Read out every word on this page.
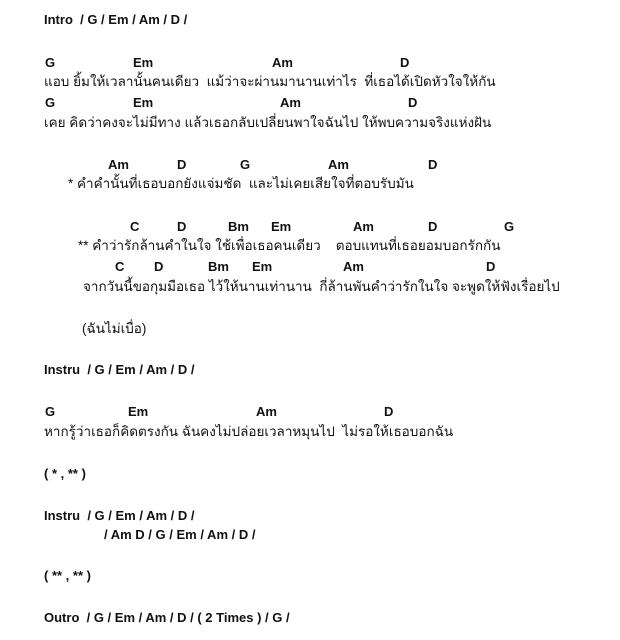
Intro  / G / Em / Am / D /
G	Em	Am	D
แอบ ยิ้มให้เวลานั้นคนเดียว  แม้ว่าจะผ่านมานานเท่าไร  ที่เธอได้เปิดหัวใจให้กัน
G	Em	Am	D
เคย คิดว่าคงจะไม่มีทาง แล้วเธอกลับเปลี่ยนพาใจฉันไป ให้พบความจริงแห่งฝัน
Am	D	G	Am	D
* คำคำนั้นที่เธอบอกยังแจ่มชัด  และไม่เคยเสียใจที่ตอบรับมัน
C	D	Bm Em	Am	D	G
** คำว่ารักล้านคำในใจ ใช้เพื่อเธอคนเดียว    ตอบแทนที่เธอยอมบอกรักกัน
C D	Bm Em	Am	D
จากวันนี้ขอกุมมือเธอ ไว้ให้นานเท่านาน  กี่ล้านพันคำว่ารักในใจ จะพูดให้ฟังเรื่อยไป
(ฉันไม่เบื่อ)
Instru  / G / Em / Am / D /
G	Em	Am	D
หากรู้ว่าเธอก็คิดตรงกัน ฉันคงไม่ปล่อยเวลาหมุนไป  ไม่รอให้เธอบอกฉัน
( * , ** )
Instru  / G / Em / Am / D /
/ Am D / G / Em / Am / D /
( ** , ** )
Outro  / G / Em / Am / D / ( 2 Times ) / G /
